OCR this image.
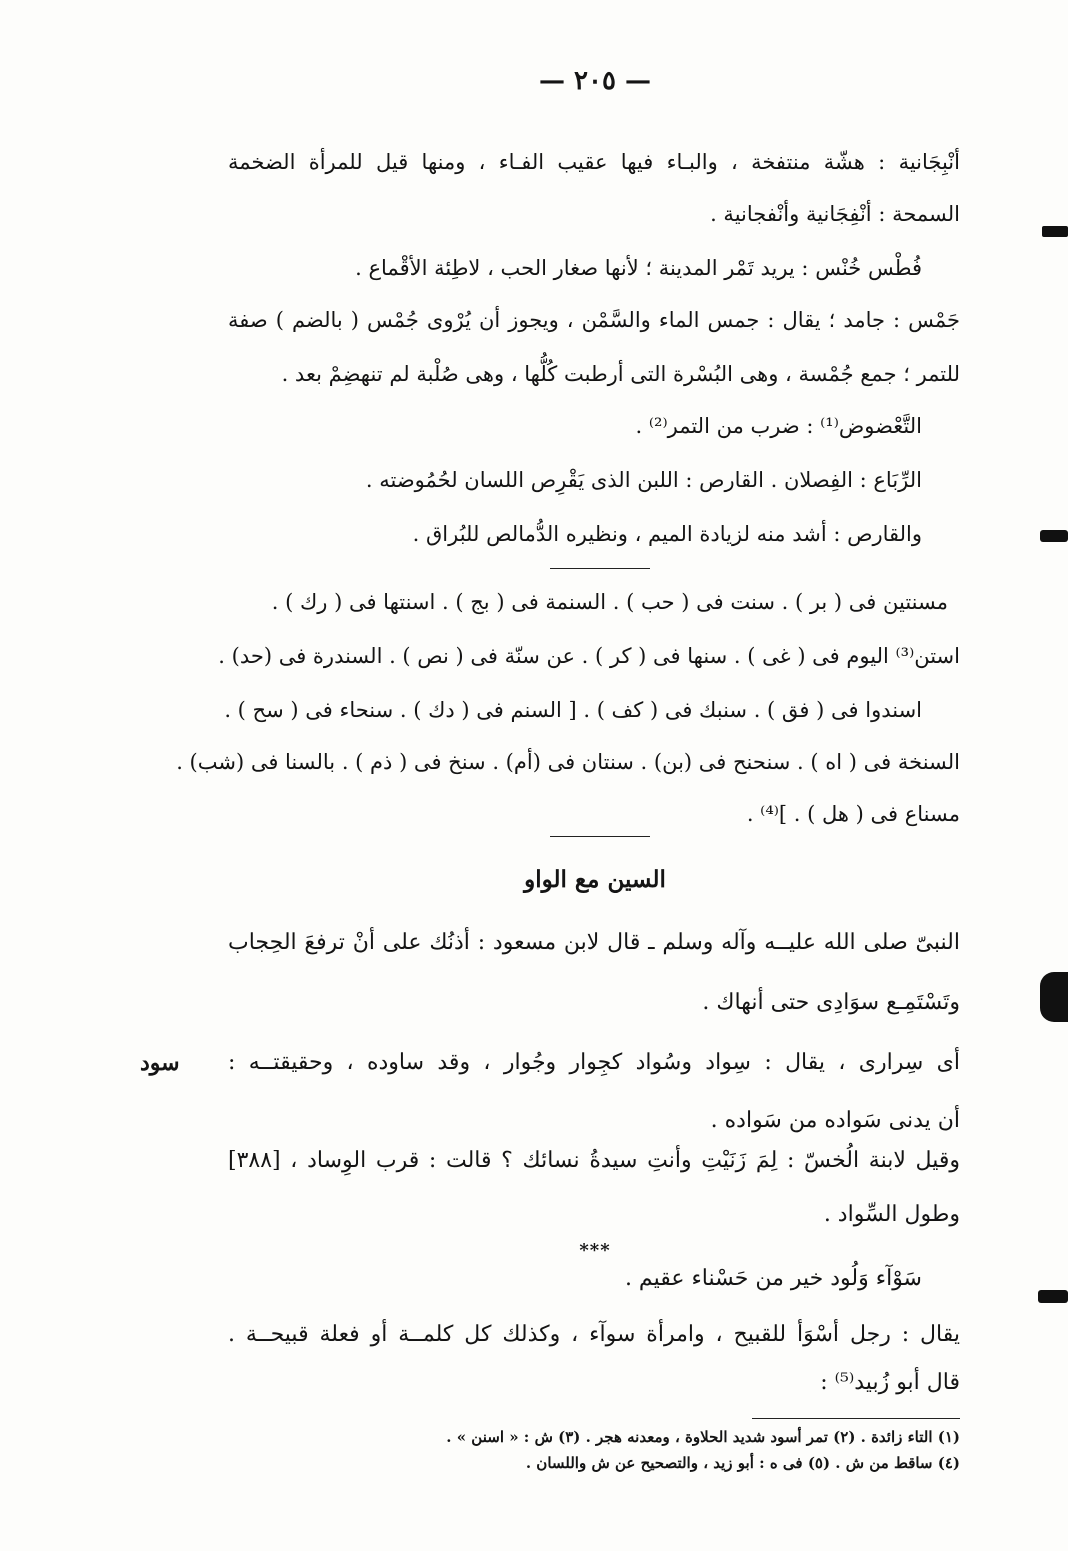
— ٢٠٥ —
أنْبِجَانية : هشّة منتفخة ، والبـاء فيها عقيب الفـاء ، ومنها قيل للمرأة الضخمة
السمحة : أنْفِجَانية وأنْفجانية .
فُطْس خُنْس : يريد تَمْر المدينة ؛ لأنها صغار الحب ، لاطِئة الأقْماع .
جَمْس : جامد ؛ يقال : جمس الماء والسَّمْن ، ويجوز أن يُرْوى جُمْس ( بالضم ) صفة
للتمر ؛ جمع جُمْسة ، وهى البُسْرة التى أرطبت كُلُّها ، وهى صُلْبة لم تنهضِمْ بعد .
التَّعْضوض⁽¹⁾ : ضرب من التمر⁽²⁾ .
الرِّبَاع : الفِصلان . القارص : اللبن الذى يَقْرِص اللسان لحُمُوضته .
والقارص : أشد منه لزيادة الميم ، ونظيره الدُّمالص للبُراق .
مسنتين فى ( بر ) . سنت فى ( حب ) . السنمة فى ( بج ) . اسنتها فى ( رك ) .
استن⁽³⁾ اليوم فى ( غى ) . سنها فى ( كر ) . عن سنّة فى ( نص ) . السندرة فى (حد) .
اسندوا فى ( فق ) . سنبك فى ( كف ) . [ السنم فى ( دك ) . سنحاء فى ( سح ) .
السنخة فى ( اه ) . سنحنح فى (بن) . سنتان فى (أم) . سنخ فى ( ذم ) . بالسنا فى (شب) .
مسناع فى ( هل ) . ]⁽⁴⁾ .
السين مع الواو
سود
النبىّ صلى الله عليــه وآله وسلم ـ قال لابن مسعود : أذنُك على أنْ ترفعَ الحِجاب
وتَسْتَمِـع سوَادِى حتى أنهاك .
أى سِرارى ، يقال : سِواد وسُواد كجِوار وجُوار ، وقد ساوده ، وحقيقتــه :
أن يدنى سَواده من سَواده .
وقيل لابنة الُخسّ : لِمَ زَنَيْتِ وأنتِ سيدةُ نسائك ؟ قالت : قرب الوِساد ، [٣٨٨]
وطول السِّواد .
***
سَوْآء وَلُود خير من حَسْناء عقيم .
يقال : رجل أسْوَأ للقبيح ، وامرأة سوآء ، وكذلك كل كلمــة أو فعلة قبيحــة .
قال أبو زُبيد⁽⁵⁾ :
(١) التاء زائدة . (٢) تمر أسود شديد الحلاوة ، ومعدنه هجر . (٣) ش : « اسنن » .
(٤) ساقط من ش . (٥) فى ه : أبو زيد ، والتصحيح عن ش واللسان .
